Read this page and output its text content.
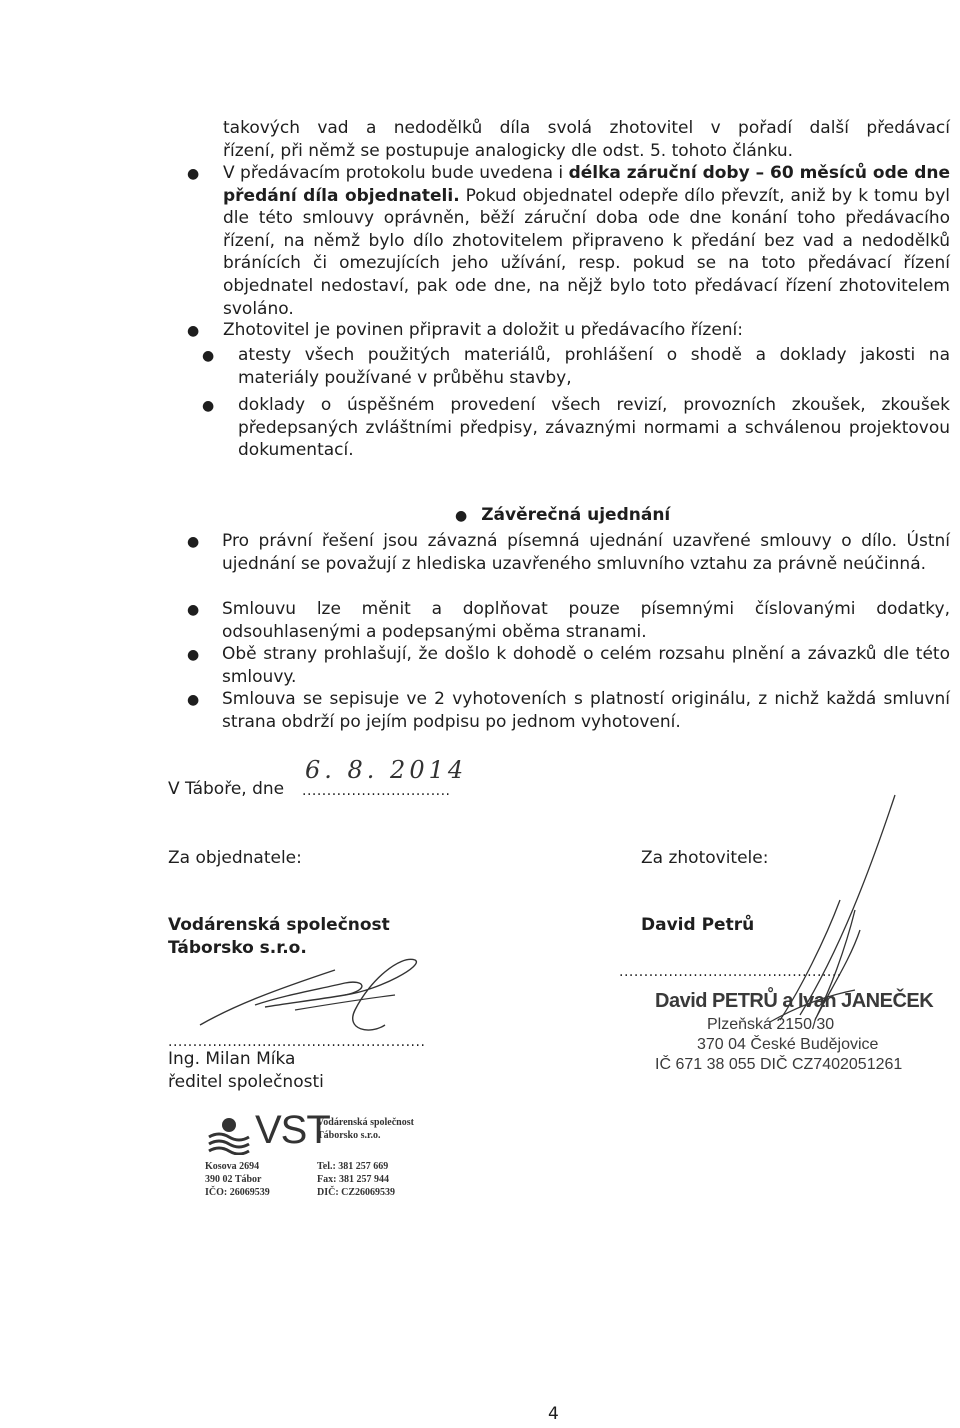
takových vad a nedodělků díla svolá zhotovitel v pořadí další předávací

řízení, při němž se postupuje analogicky dle odst. 5. tohoto článku.

● V předávacím protokolu bude uvedena i délka záruční doby – 60 měsíců ode dne předání díla objednateli. Pokud objednatel odepře dílo převzít, aniž by k tomu byl dle této smlouvy oprávněn, běží záruční doba ode dne konání toho předávacího řízení, na němž bylo dílo zhotovitelem připraveno k předání bez vad a nedodělků bránících či omezujících jeho užívání, resp. pokud se na toto předávací řízení objednatel nedostaví, pak ode dne, na nějž bylo toto předávací řízení zhotovitelem svoláno.

● Zhotovitel je povinen připravit a doložit u předávacího řízení:

● atesty všech použitých materiálů, prohlášení o shodě a doklady jakosti na materiály používané v průběhu stavby,

● doklady o úspěšném provedení všech revizí, provozních zkoušek, zkoušek předepsaných zvláštními předpisy, závaznými normami a schválenou projektovou dokumentací.

● Závěrečná ujednání
● Pro právní řešení jsou závazná písemná ujednání uzavřené smlouvy o dílo. Ústní ujednání se považují z hlediska uzavřeného smluvního vztahu za právně neúčinná.

● Smlouvu lze měnit a doplňovat pouze písemnými číslovanými dodatky, odsouhlasenými a podepsanými oběma stranami.

● Obě strany prohlašují, že došlo k dohodě o celém rozsahu plnění a závazků dle této smlouvy.

● Smlouva se sepisuje ve 2 vyhotoveních s platností originálu, z nichž každá smluvní strana obdrží po jejím podpisu po jednom vyhotovení.

V Táboře, dne ..............................
6. 8. 2014
Za objednatele:	Za zhotovitele:
Vodárenská společnost
Táborsko s.r.o.
David Petrů
....................................................
Ing. Milan Míka
ředitel společnosti
.............................................
David PETRŮ a Ivan JANEČEK
Plzeňská 2150/30
370 04 České Budějovice
IČ 671 38 055 DIČ CZ7402051261
VST
Vodárenská společnost
Táborsko s.r.o.
Kosova 2694
390 02 Tábor
IČO: 26069539
Tel.: 381 257 669
Fax: 381 257 944
DIČ: CZ26069539
4
